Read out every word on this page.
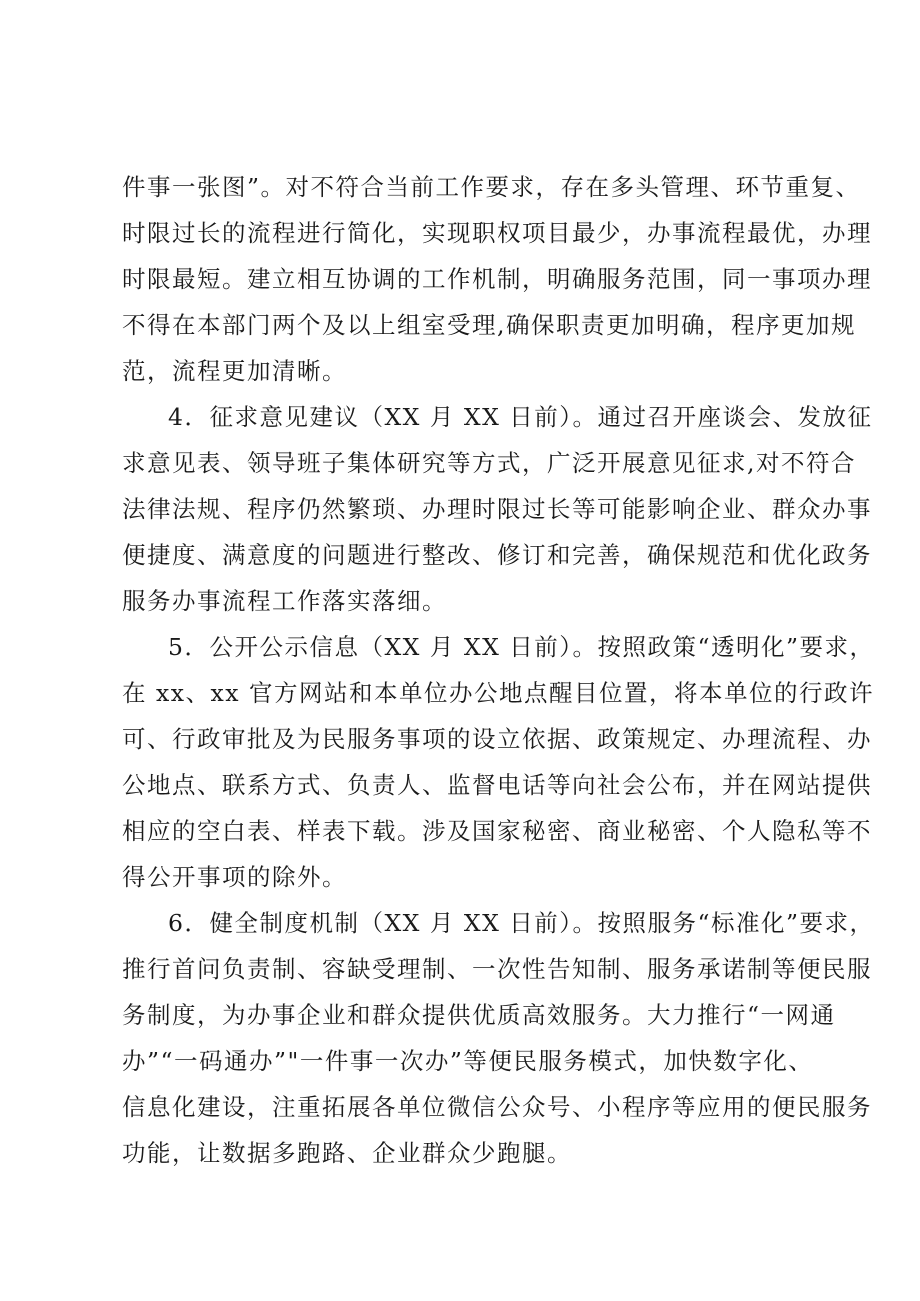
件事一张图”。对不符合当前工作要求，存在多头管理、环节重复、
时限过长的流程进行简化，实现职权项目最少，办事流程最优，办理
时限最短。建立相互协调的工作机制，明确服务范围，同一事项办理
不得在本部门两个及以上组室受理,确保职责更加明确，程序更加规
范，流程更加清晰。
4．征求意见建议（XX 月 XX 日前）。通过召开座谈会、发放征
求意见表、领导班子集体研究等方式，广泛开展意见征求,对不符合
法律法规、程序仍然繁琐、办理时限过长等可能影响企业、群众办事
便捷度、满意度的问题进行整改、修订和完善，确保规范和优化政务
服务办事流程工作落实落细。
5．公开公示信息（XX 月 XX 日前）。按照政策“透明化”要求，
在 xx、xx 官方网站和本单位办公地点醒目位置，将本单位的行政许
可、行政审批及为民服务事项的设立依据、政策规定、办理流程、办
公地点、联系方式、负责人、监督电话等向社会公布，并在网站提供
相应的空白表、样表下载。涉及国家秘密、商业秘密、个人隐私等不
得公开事项的除外。
6．健全制度机制（XX 月 XX 日前）。按照服务“标准化”要求，
推行首问负责制、容缺受理制、一次性告知制、服务承诺制等便民服
务制度，为办事企业和群众提供优质高效服务。大力推行“一网通
办”“一码通办”"一件事一次办”等便民服务模式，加快数字化、
信息化建设，注重拓展各单位微信公众号、小程序等应用的便民服务
功能，让数据多跑路、企业群众少跑腿。
